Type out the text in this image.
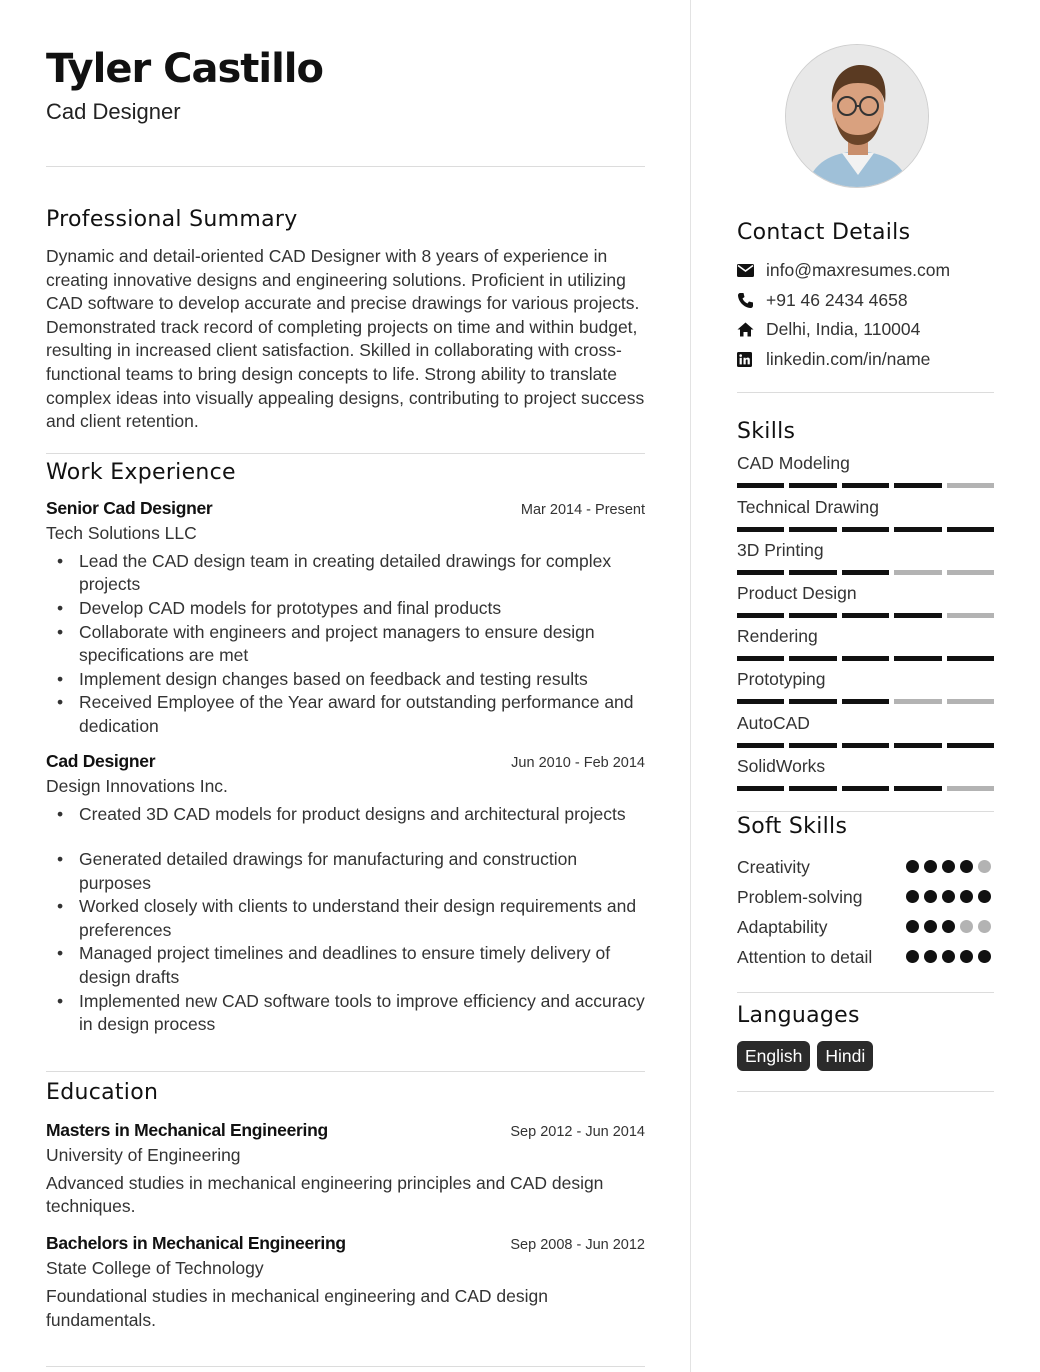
Tyler Castillo
Cad Designer
Professional Summary
Dynamic and detail-oriented CAD Designer with 8 years of experience in creating innovative designs and engineering solutions. Proficient in utilizing CAD software to develop accurate and precise drawings for various projects. Demonstrated track record of completing projects on time and within budget, resulting in increased client satisfaction. Skilled in collaborating with cross-functional teams to bring design concepts to life. Strong ability to translate complex ideas into visually appealing designs, contributing to project success and client retention.
Work Experience
Senior Cad Designer	Mar 2014 - Present
Tech Solutions LLC
• Lead the CAD design team in creating detailed drawings for complex projects
• Develop CAD models for prototypes and final products
• Collaborate with engineers and project managers to ensure design specifications are met
• Implement design changes based on feedback and testing results
• Received Employee of the Year award for outstanding performance and dedication
Cad Designer	Jun 2010 - Feb 2014
Design Innovations Inc.
• Created 3D CAD models for product designs and architectural projects
• Generated detailed drawings for manufacturing and construction purposes
• Worked closely with clients to understand their design requirements and preferences
• Managed project timelines and deadlines to ensure timely delivery of design drafts
• Implemented new CAD software tools to improve efficiency and accuracy in design process
Education
Masters in Mechanical Engineering	Sep 2012 - Jun 2014
University of Engineering
Advanced studies in mechanical engineering principles and CAD design techniques.
Bachelors in Mechanical Engineering	Sep 2008 - Jun 2012
State College of Technology
Foundational studies in mechanical engineering and CAD design fundamentals.
Contact Details
info@maxresumes.com
+91 46 2434 4658
Delhi, India, 110004
linkedin.com/in/name
Skills
CAD Modeling
Technical Drawing
3D Printing
Product Design
Rendering
Prototyping
AutoCAD
SolidWorks
Soft Skills
Creativity
Problem-solving
Adaptability
Attention to detail
Languages
English	Hindi
